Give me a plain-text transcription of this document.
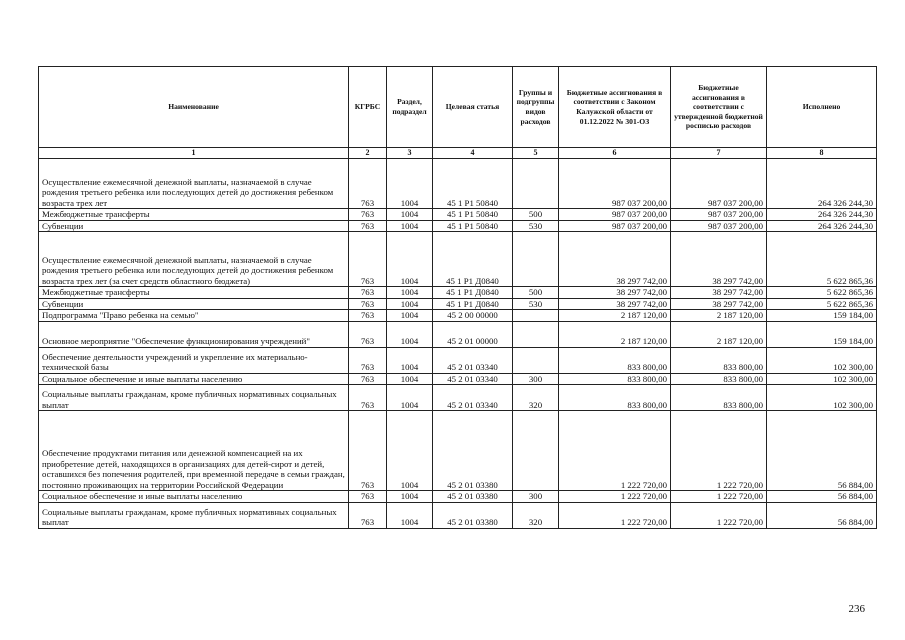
Наименование	КГРБС	Раздел, подраздел	Целевая статья	Группы и подгруппы видов расходов	Бюджетные ассигнования в соответствии с Законом Калужской области от 01.12.2022 № 301-ОЗ	Бюджетные ассигнования в соответствии с утвержденной бюджетной росписью расходов	Исполнено
1	2	3	4	5	6	7	8
Осуществление ежемесячной денежной выплаты, назначаемой в случае рождения третьего ребенка или последующих детей до достижения ребенком возраста трех лет	763	1004	45 1 P1 50840		987 037 200,00	987 037 200,00	264 326 244,30
Межбюджетные трансферты	763	1004	45 1 P1 50840	500	987 037 200,00	987 037 200,00	264 326 244,30
Субвенции	763	1004	45 1 P1 50840	530	987 037 200,00	987 037 200,00	264 326 244,30
Осуществление ежемесячной денежной выплаты, назначаемой в случае рождения третьего ребенка или последующих детей до достижения ребенком возраста трех лет (за счет средств областного бюджета)	763	1004	45 1 P1 Д0840		38 297 742,00	38 297 742,00	5 622 865,36
Межбюджетные трансферты	763	1004	45 1 P1 Д0840	500	38 297 742,00	38 297 742,00	5 622 865,36
Субвенции	763	1004	45 1 P1 Д0840	530	38 297 742,00	38 297 742,00	5 622 865,36
Подпрограмма "Право ребенка на семью"	763	1004	45 2 00 00000		2 187 120,00	2 187 120,00	159 184,00
Основное мероприятие "Обеспечение функционирования учреждений"	763	1004	45 2 01 00000		2 187 120,00	2 187 120,00	159 184,00
Обеспечение деятельности учреждений и укрепление их материально-технической базы	763	1004	45 2 01 03340		833 800,00	833 800,00	102 300,00
Социальное обеспечение и иные выплаты населению	763	1004	45 2 01 03340	300	833 800,00	833 800,00	102 300,00
Социальные выплаты гражданам, кроме публичных нормативных социальных выплат	763	1004	45 2 01 03340	320	833 800,00	833 800,00	102 300,00
Обеспечение продуктами питания или денежной компенсацией на их приобретение детей, находящихся в организациях для детей-сирот и детей, оставшихся без попечения родителей, при временной передаче в семьи граждан, постоянно проживающих на территории Российской Федерации	763	1004	45 2 01 03380		1 222 720,00	1 222 720,00	56 884,00
Социальное обеспечение и иные выплаты населению	763	1004	45 2 01 03380	300	1 222 720,00	1 222 720,00	56 884,00
Социальные выплаты гражданам, кроме публичных нормативных социальных выплат	763	1004	45 2 01 03380	320	1 222 720,00	1 222 720,00	56 884,00
236
